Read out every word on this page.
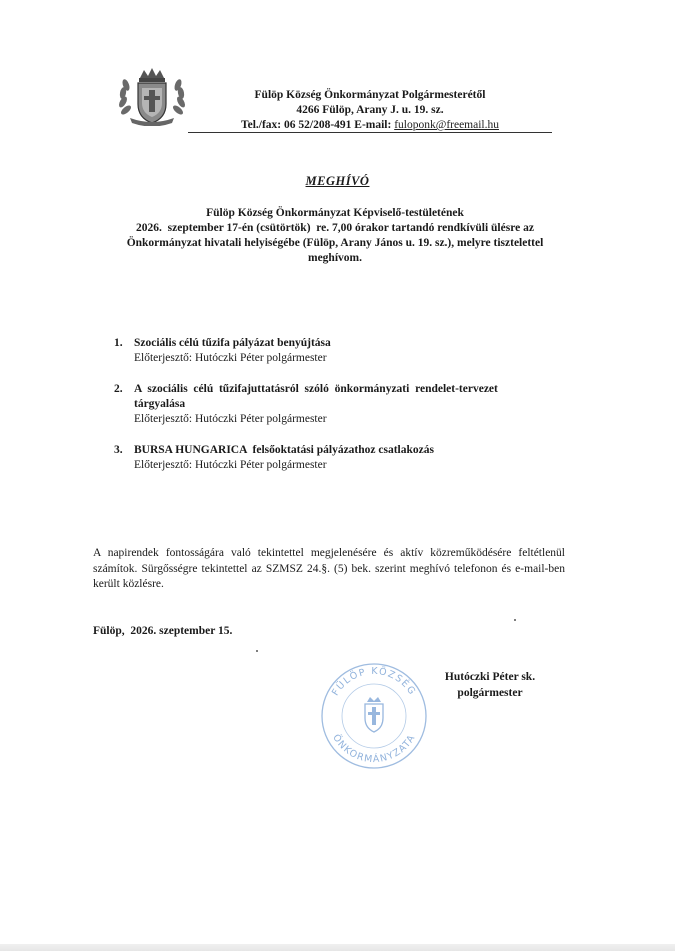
Fülöp Község Önkormányzat Polgármesterétől
4266 Fülöp, Arany J. u. 19. sz.
Tel./fax: 06 52/208-491 E-mail: fuloponk@freemail.hu
MEGHÍVÓ
Fülöp Község Önkormányzat Képviselő-testületének
2026.  szeptember 17-én (csütörtök)  re. 7,00 órakor tartandó rendkívüli ülésre az
Önkormányzat hivatali helyiségébe (Fülöp, Arany János u. 19. sz.), melyre tisztelettel
meghívom.
1. Szociális célú tűzifa pályázat benyújtása
Előterjesztő: Hutóczki Péter polgármester
2. A  szociális  célú  tűzifajuttatásról  szóló  önkormányzati  rendelet-tervezet
tárgyalása
Előterjesztő: Hutóczki Péter polgármester
3. BURSA HUNGARICA  felsőoktatási pályázathoz csatlakozás
Előterjesztő: Hutóczki Péter polgármester
A napirendek fontosságára való tekintettel megjelenésére és aktív közreműködésére feltétlenül számítok. Sürgősségre tekintettel az SZMSZ 24.§. (5) bek. szerint meghívó telefonon és e-mail-ben került közlésre.
Fülöp,  2026. szeptember 15.
FÜLÖP KÖZSÉG
ÖNKORMÁNYZATA
Hutóczki Péter sk.
polgármester
